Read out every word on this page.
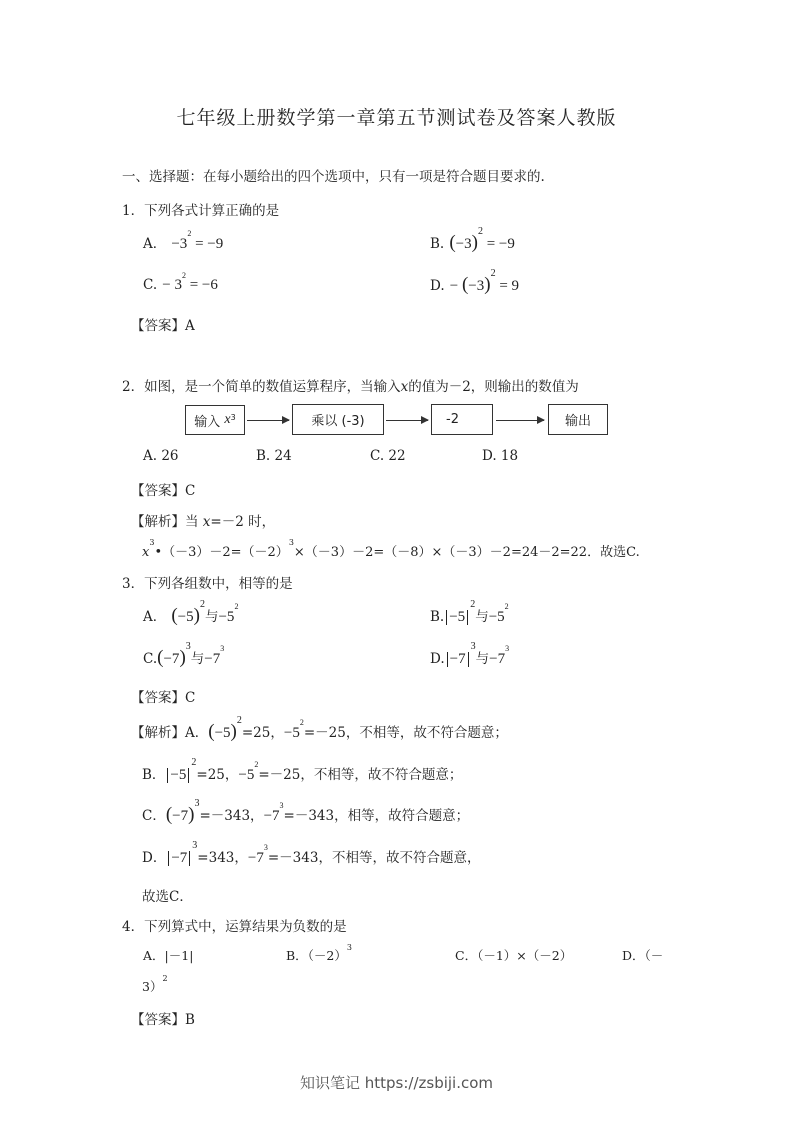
七年级上册数学第一章第五节测试卷及答案人教版
一、选择题：在每小题给出的四个选项中，只有一项是符合题目要求的.
1．下列各式计算正确的是
A． $-3^2 = -9$	B. $(-3)^2 = -9$
C. − $3^2 = -6$	D. − $(-3)^2 = 9$
【答案】A
2．如图，是一个简单的数值运算程序，当输入x的值为－2，则输出的数值为
输入
$x^3$	乘以 (-3)	-2	输出
A. 26	B. 24	C. 22	D. 18
【答案】C
【解析】当 x=－2 时，
$x^3•(-3)-2=(-2)^3\times(-3)-2=(-8)\times(-3)-2=24-2=22$．故选C.
3．下列各组数中，相等的是
A． $(-5)^2$与$-5^2$
B. $-5^2$与$-5^2$
$C.(-7)^3$与$-7^3$
D. $-7^3$与$-7^3$
【答案】C
【解析】A．$(-5)^2=25$，$-5^2=-25$，不相等，故不符合题意；
B． $-5^2=25$，$-5^2=-25$，不相等，故不符合题意；
C．$(-7)^3=-343$，$-7^3=-343$，相等，故符合题意；
D． $-7^3=343$，$-7^3=-343$，不相等，故不符合题意，
故选C．
4．下列算式中，运算结果为负数的是
A．|－1|	B．$(-2)^3$
C．（－1）×（－2）	D．（－
3）$^2$
【答案】B
知识笔记 https://zsbiji.com
